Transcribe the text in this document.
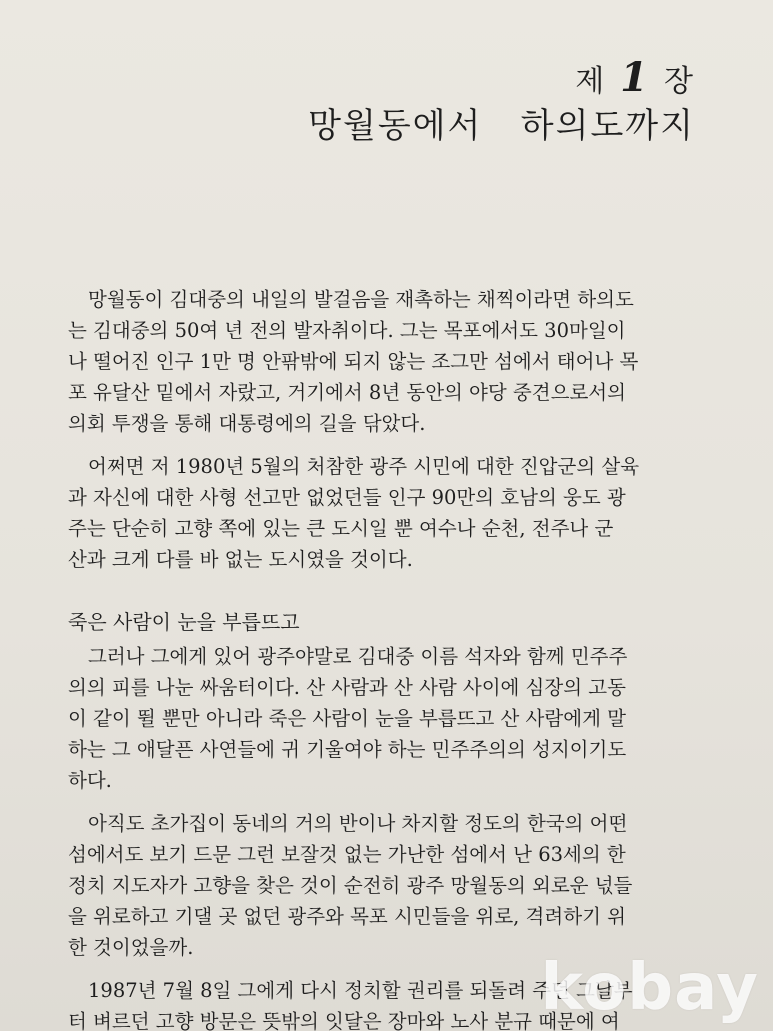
제 1 장
망월동에서   하의도까지
망월동이 김대중의 내일의 발걸음을 재촉하는 채찍이라면 하의도
는 김대중의 50여 년 전의 발자취이다. 그는 목포에서도 30마일이
나 떨어진 인구 1만 명 안팎밖에 되지 않는 조그만 섬에서 태어나 목
포 유달산 밑에서 자랐고, 거기에서 8년 동안의 야당 중견으로서의
의회 투쟁을 통해 대통령에의 길을 닦았다.
어쩌면 저 1980년 5월의 처참한 광주 시민에 대한 진압군의 살육
과 자신에 대한 사형 선고만 없었던들 인구 90만의 호남의 웅도 광
주는 단순히 고향 쪽에 있는 큰 도시일 뿐 여수나 순천, 전주나 군
산과 크게 다를 바 없는 도시였을 것이다.
죽은 사람이 눈을 부릅뜨고
그러나 그에게 있어 광주야말로 김대중 이름 석자와 함께 민주주
의의 피를 나눈 싸움터이다. 산 사람과 산 사람 사이에 심장의 고동
이 같이 뛸 뿐만 아니라 죽은 사람이 눈을 부릅뜨고 산 사람에게 말
하는 그 애달픈 사연들에 귀 기울여야 하는 민주주의의 성지이기도
하다.
아직도 초가집이 동네의 거의 반이나 차지할 정도의 한국의 어떤
섬에서도 보기 드문 그런 보잘것 없는 가난한 섬에서 난 63세의 한
정치 지도자가 고향을 찾은 것이 순전히 광주 망월동의 외로운 넋들
을 위로하고 기댈 곳 없던 광주와 목포 시민들을 위로, 격려하기 위
한 것이었을까.
1987년 7월 8일 그에게 다시 정치할 권리를 되돌려 주던 그날부
터 벼르던 고향 방문은 뜻밖의 잇달은 장마와 노사 분규 때문에 여
kobay
